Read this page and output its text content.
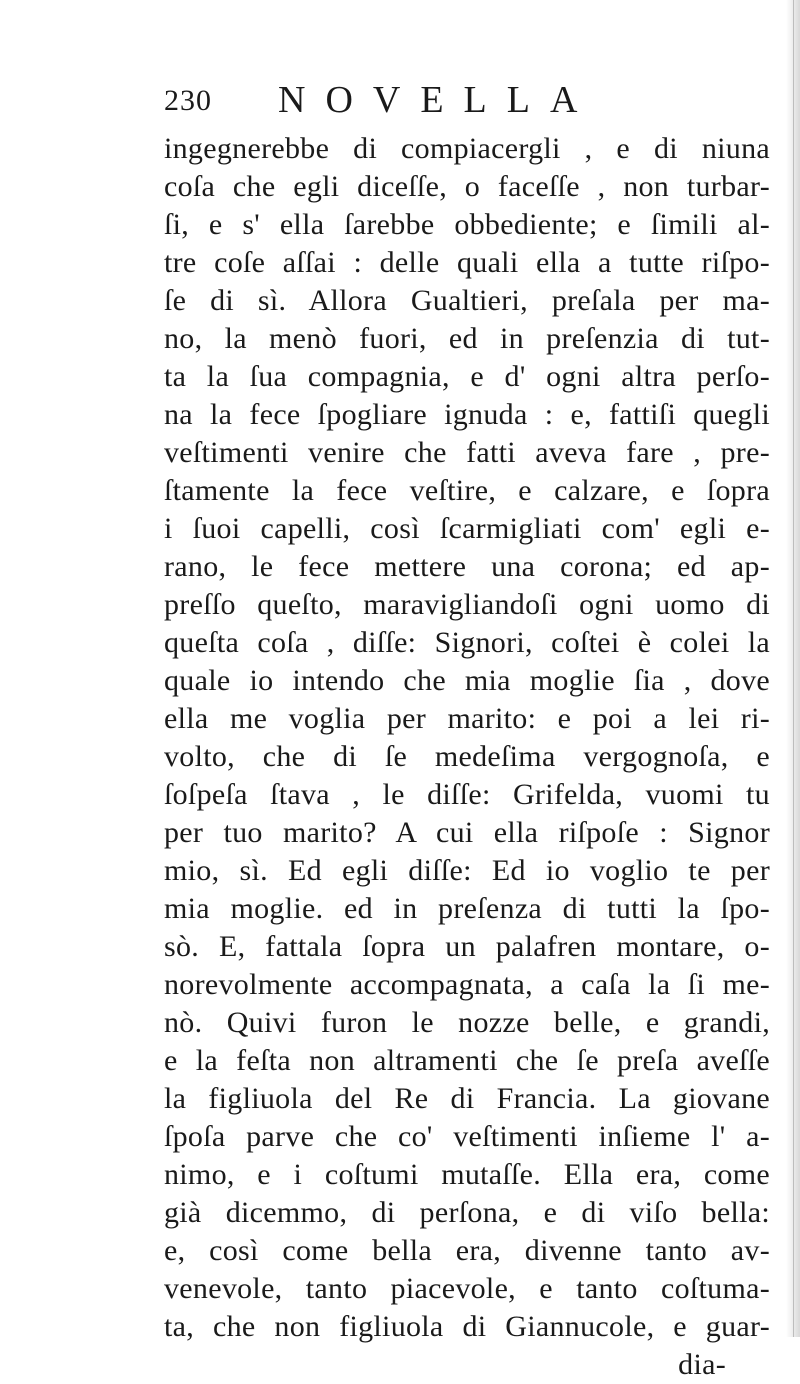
230 NOVELLA
ingegnerebbe di compiacergli , e di niuna
coſa che egli diceſſe, o faceſſe , non turbar-
ſi, e s' ella ſarebbe obbediente; e ſimili al-
tre coſe aſſai : delle quali ella a tutte riſpo-
ſe di sì. Allora Gualtieri, preſala per ma-
no, la menò fuori, ed in preſenzia di tut-
ta la ſua compagnia, e d' ogni altra perſo-
na la fece ſpogliare ignuda : e, fattiſi quegli
veſtimenti venire che fatti aveva fare , pre-
ſtamente la fece veſtire, e calzare, e ſopra
i ſuoi capelli, così ſcarmigliati com' egli e-
rano, le fece mettere una corona; ed ap-
preſſo queſto, maravigliandoſi ogni uomo di
queſta coſa , diſſe: Signori, coſtei è colei la
quale io intendo che mia moglie ſia , dove
ella me voglia per marito: e poi a lei ri-
volto, che di ſe medeſima vergognoſa, e
ſoſpeſa ſtava , le diſſe: Grifelda, vuomi tu
per tuo marito? A cui ella riſpoſe : Signor
mio, sì. Ed egli diſſe: Ed io voglio te per
mia moglie. ed in preſenza di tutti la ſpo-
sò. E, fattala ſopra un palafren montare, o-
norevolmente accompagnata, a caſa la ſi me-
nò. Quivi furon le nozze belle, e grandi,
e la feſta non altramenti che ſe preſa aveſſe
la figliuola del Re di Francia. La giovane
ſpoſa parve che co' veſtimenti inſieme l' a-
nimo, e i coſtumi mutaſſe. Ella era, come
già dicemmo, di perſona, e di viſo bella:
e, così come bella era, divenne tanto av-
venevole, tanto piacevole, e tanto coſtuma-
ta, che non figliuola di Giannucole, e guar-
dia-
